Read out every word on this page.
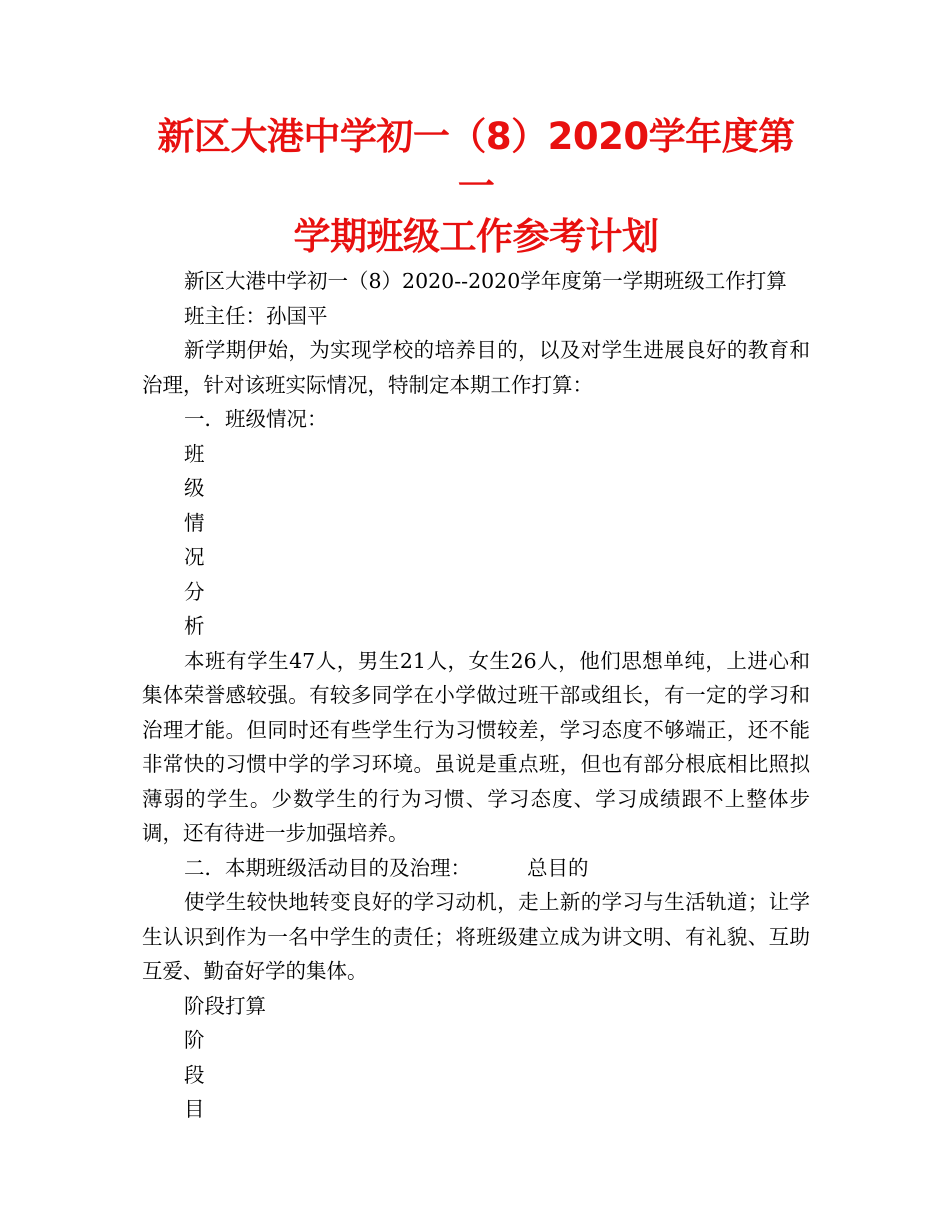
新区大港中学初一（8）2020学年度第一
学期班级工作参考计划

新区大港中学初一（8）2020--2020学年度第一学期班级工作打算

班主任：孙国平

新学期伊始，为实现学校的培养目的，以及对学生进展良好的教育和治理，针对该班实际情况，特制定本期工作打算：

一．班级情况：

班

级

情

况

分

析

本班有学生47人，男生21人，女生26人，他们思想单纯，上进心和集体荣誉感较强。有较多同学在小学做过班干部或组长，有一定的学习和治理才能。但同时还有些学生行为习惯较差，学习态度不够端正，还不能非常快的习惯中学的学习环境。虽说是重点班，但也有部分根底相比照拟薄弱的学生。少数学生的行为习惯、学习态度、学习成绩跟不上整体步调，还有待进一步加强培养。

二．本期班级活动目的及治理：	总目的

使学生较快地转变良好的学习动机，走上新的学习与生活轨道；让学生认识到作为一名中学生的责任；将班级建立成为讲文明、有礼貌、互助互爱、勤奋好学的集体。

阶段打算

阶

段

目
